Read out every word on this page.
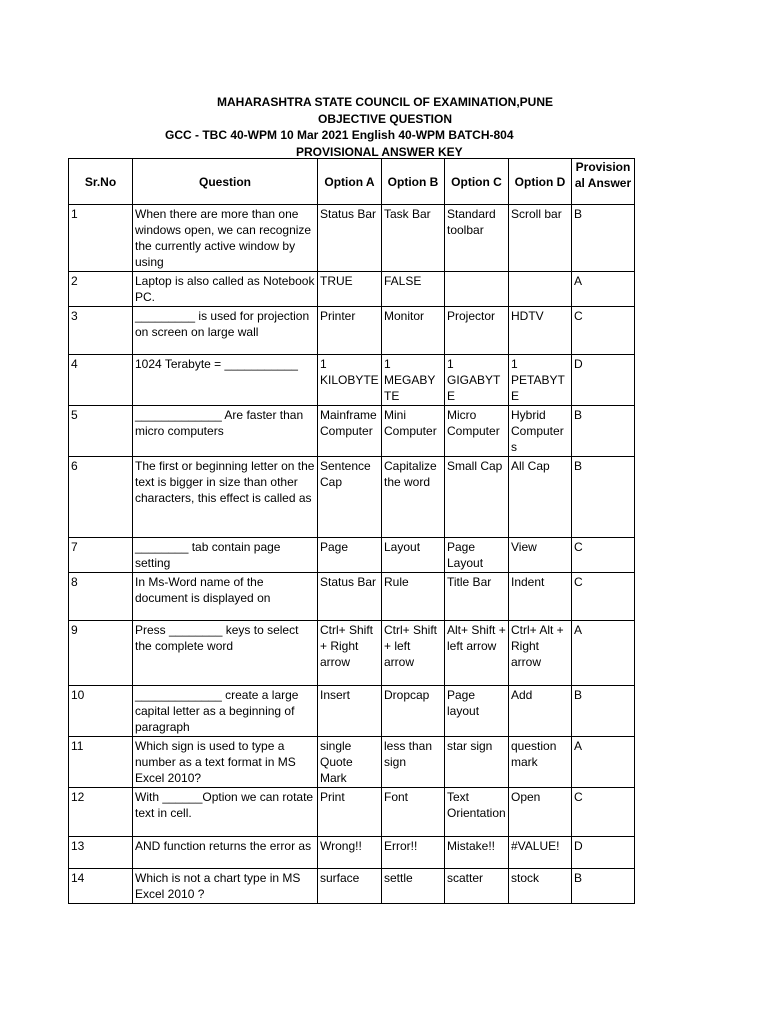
MAHARASHTRA STATE COUNCIL OF EXAMINATION,PUNE
OBJECTIVE QUESTION
GCC - TBC 40-WPM 10 Mar 2021 English 40-WPM BATCH-804
PROVISIONAL ANSWER KEY
Sr.No	Question	Option A	Option B	Option C	Option D	Provisional Answer
1	When there are more than one windows open, we can recognize the currently active window by using	Status Bar	Task Bar	Standard toolbar	Scroll bar	B
2	Laptop is also called as Notebook PC.	TRUE	FALSE			A
3	_________ is used for projection on screen on large wall	Printer	Monitor	Projector	HDTV	C
4	1024 Terabyte = ___________	1 KILOBYTE	1 MEGABYTE	1 GIGABYTE	1 PETABYTE	D
5	_____________ Are faster than micro computers	Mainframe Computer	Mini Computer	Micro Computer	Hybrid Computers	B
6	The first or beginning letter on the text is bigger in size than other characters, this effect is called as	Sentence Cap	Capitalize the word	Small Cap	All Cap	B
7	________ tab contain page setting	Page	Layout	Page Layout	View	C
8	In Ms-Word name of the document is displayed on	Status Bar	Rule	Title Bar	Indent	C
9	Press ________ keys to select the complete word	Ctrl+ Shift + Right arrow	Ctrl+ Shift + left arrow	Alt+ Shift + left arrow	Ctrl+ Alt + Right arrow	A
10	_____________ create a large capital letter as a beginning of paragraph	Insert	Dropcap	Page layout	Add	B
11	Which sign is used to type a number as a text format in MS Excel 2010?	single Quote Mark	less than sign	star sign	question mark	A
12	With ______Option we can rotate text in cell.	Print	Font	Text Orientation	Open	C
13	AND function returns the error as	Wrong!!	Error!!	Mistake!!	#VALUE!	D
14	Which is not a chart type in MS Excel 2010 ?	surface	settle	scatter	stock	B
